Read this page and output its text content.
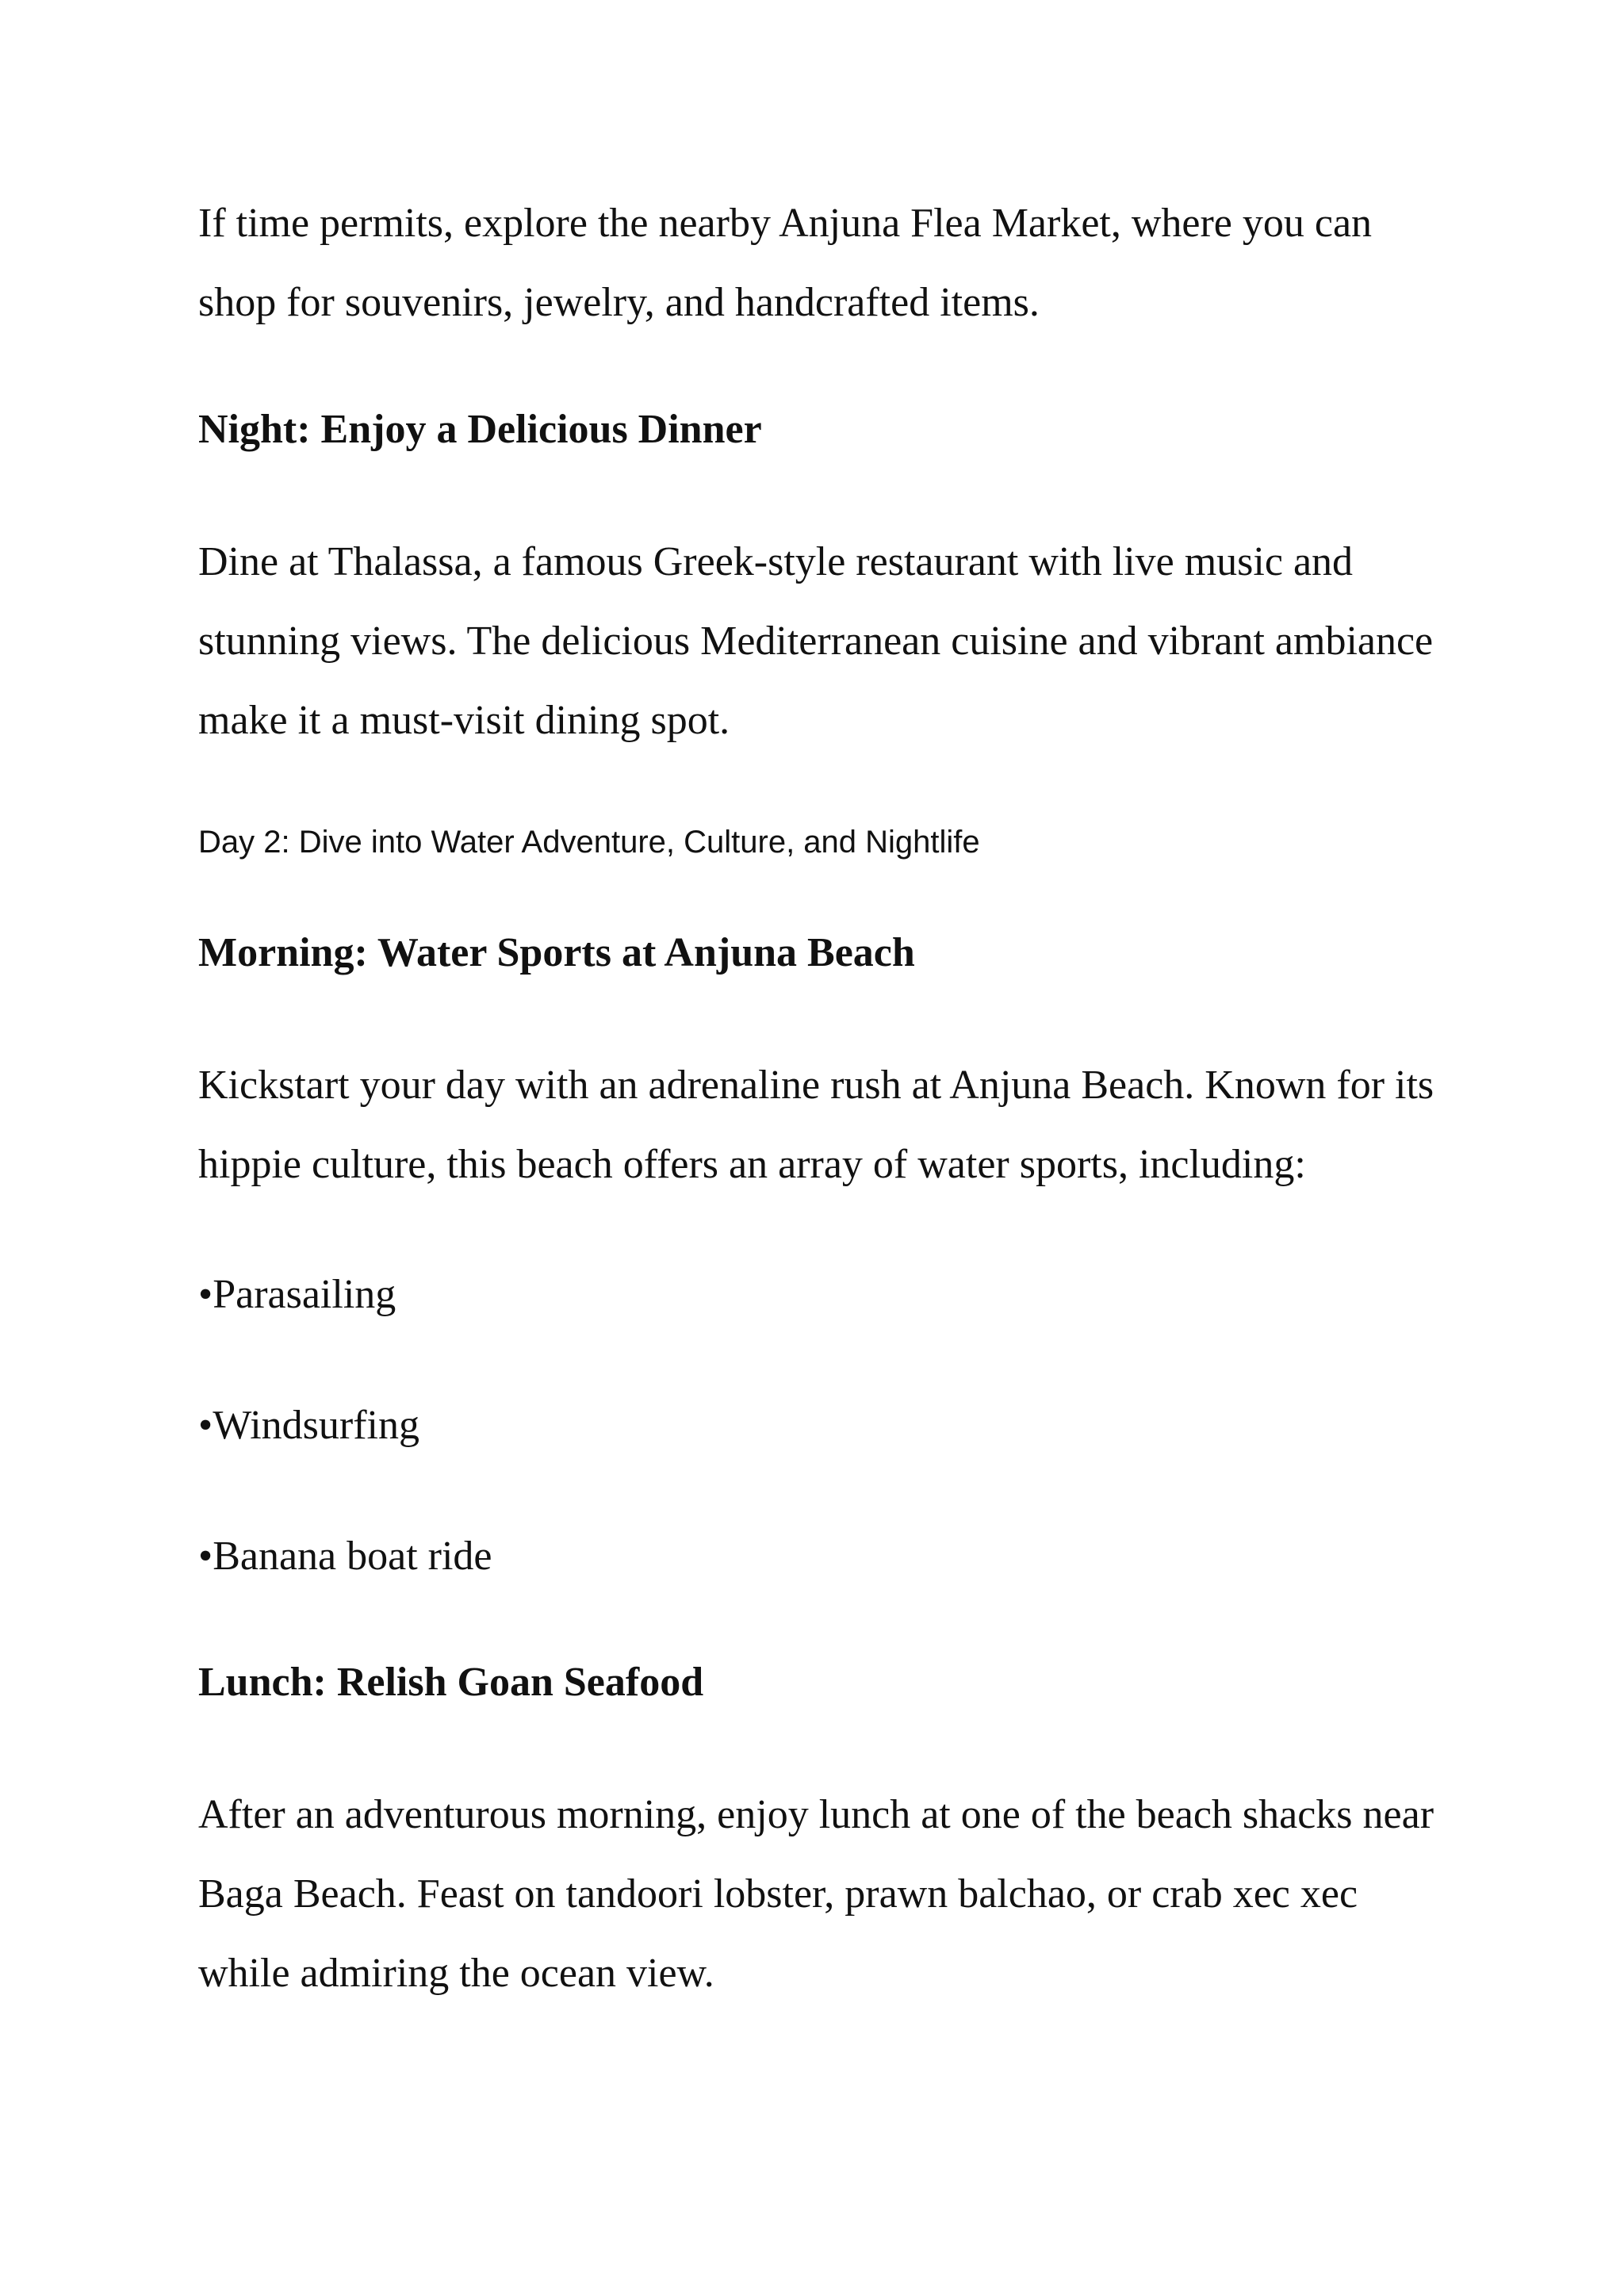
If time permits, explore the nearby Anjuna Flea Market, where you can
shop for souvenirs, jewelry, and handcrafted items.

Night: Enjoy a Delicious Dinner

Dine at Thalassa, a famous Greek-style restaurant with live music and
stunning views. The delicious Mediterranean cuisine and vibrant ambiance
make it a must-visit dining spot.

Day 2: Dive into Water Adventure, Culture, and Nightlife
Morning: Water Sports at Anjuna Beach

Kickstart your day with an adrenaline rush at Anjuna Beach. Known for its
hippie culture, this beach offers an array of water sports, including:

•Parasailing

•Windsurfing

•Banana boat ride

Lunch: Relish Goan Seafood

After an adventurous morning, enjoy lunch at one of the beach shacks near
Baga Beach. Feast on tandoori lobster, prawn balchao, or crab xec xec
while admiring the ocean view.
